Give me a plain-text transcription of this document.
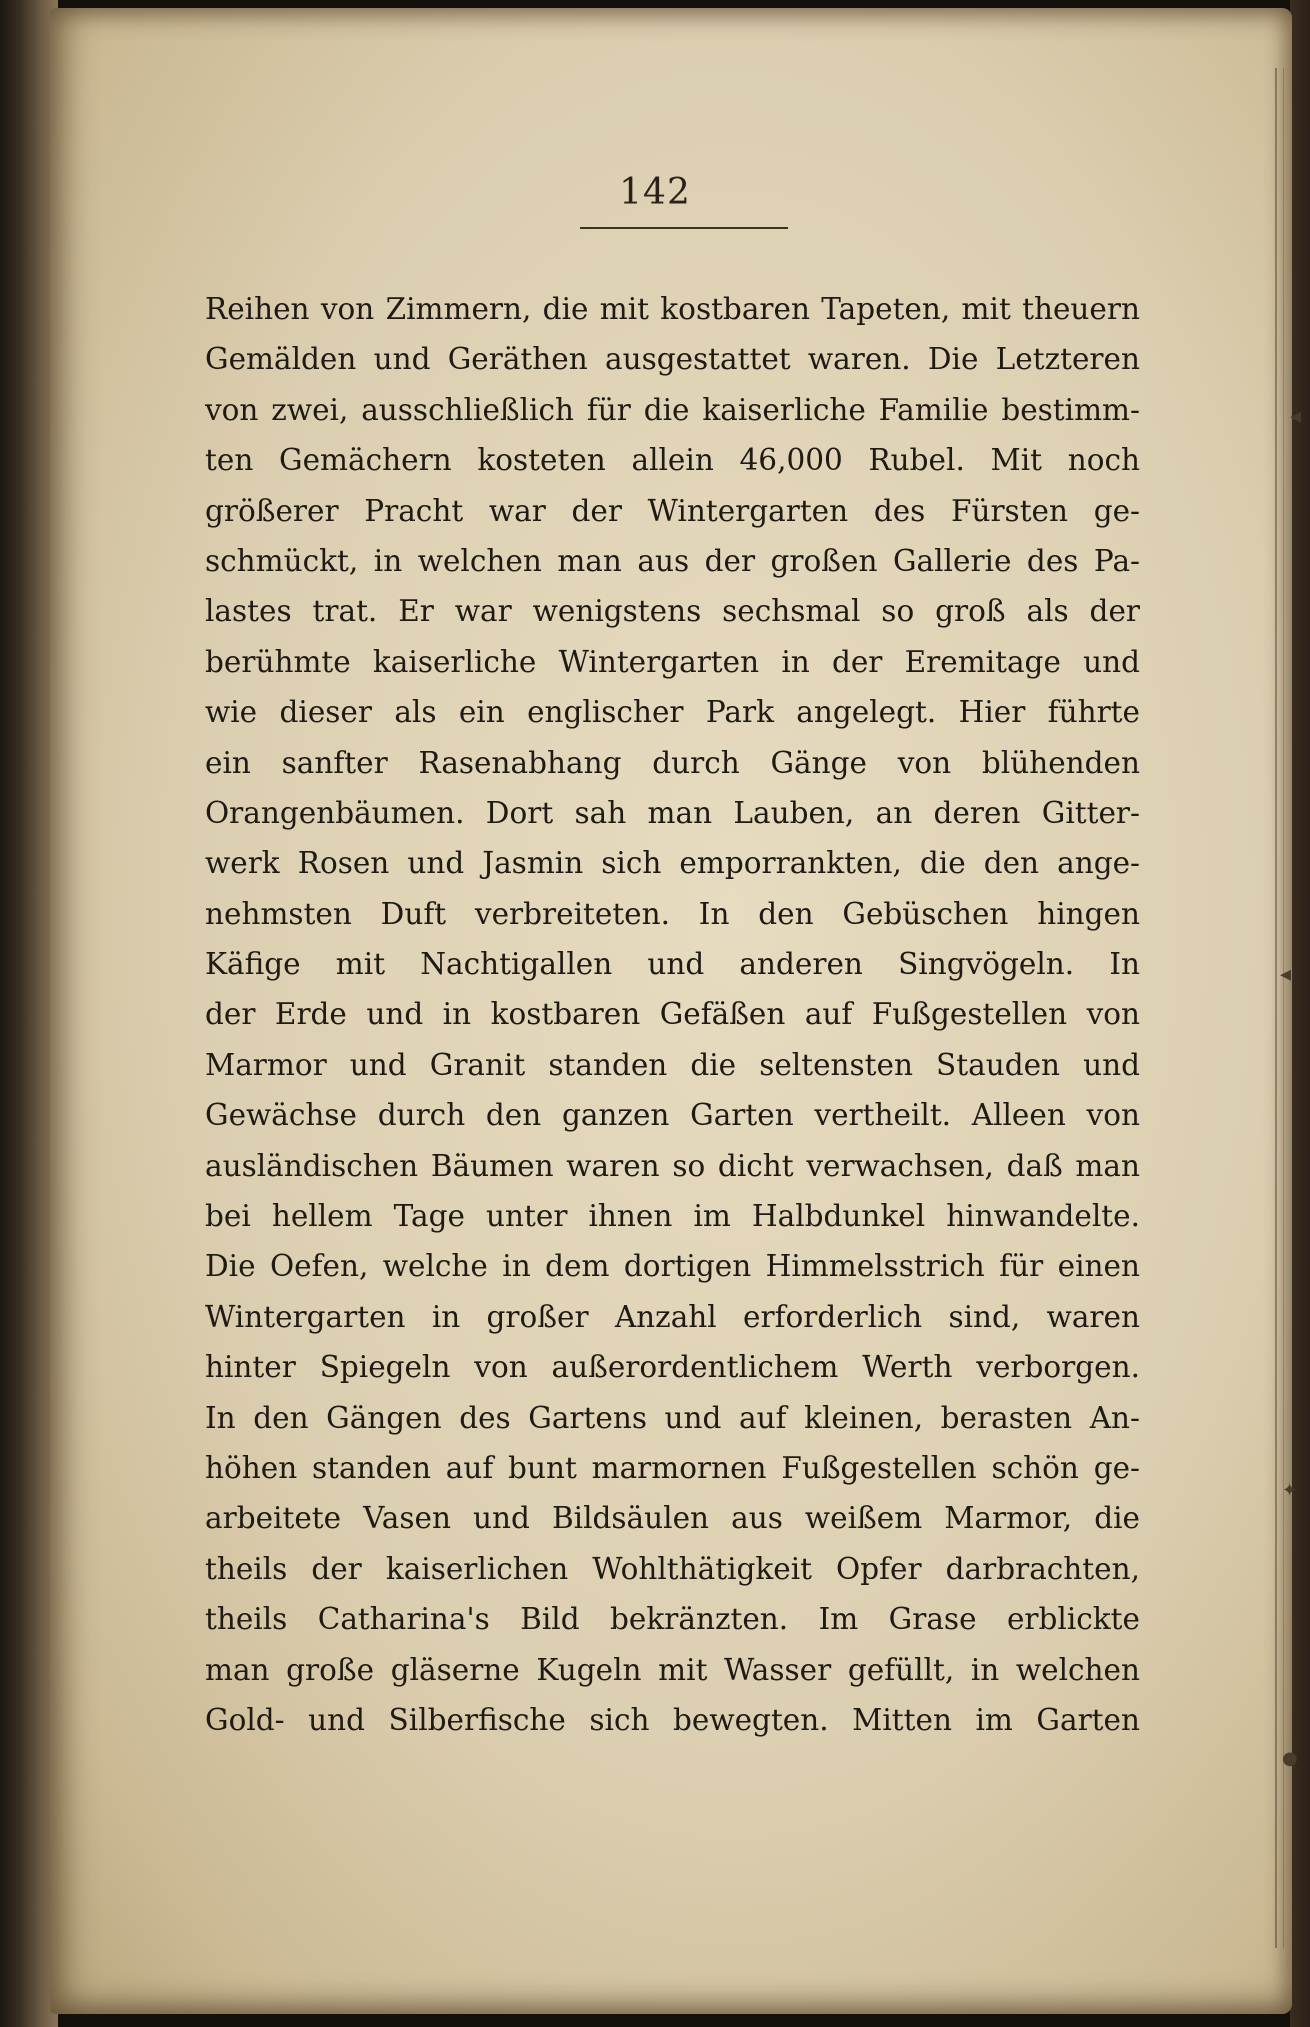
◂
◂
✦
●
142
Reihen von Zimmern, die mit kostbaren Tapeten, mit theuern
Gemälden und Geräthen ausgestattet waren. Die Letzteren
von zwei, ausschließlich für die kaiserliche Familie bestimm-
ten Gemächern kosteten allein 46,000 Rubel. Mit noch
größerer Pracht war der Wintergarten des Fürsten ge-
schmückt, in welchen man aus der großen Gallerie des Pa-
lastes trat. Er war wenigstens sechsmal so groß als der
berühmte kaiserliche Wintergarten in der Eremitage und
wie dieser als ein englischer Park angelegt. Hier führte
ein sanfter Rasenabhang durch Gänge von blühenden
Orangenbäumen. Dort sah man Lauben, an deren Gitter-
werk Rosen und Jasmin sich emporrankten, die den ange-
nehmsten Duft verbreiteten. In den Gebüschen hingen
Käfige mit Nachtigallen und anderen Singvögeln. In
der Erde und in kostbaren Gefäßen auf Fußgestellen von
Marmor und Granit standen die seltensten Stauden und
Gewächse durch den ganzen Garten vertheilt. Alleen von
ausländischen Bäumen waren so dicht verwachsen, daß man
bei hellem Tage unter ihnen im Halbdunkel hinwandelte.
Die Oefen, welche in dem dortigen Himmelsstrich für einen
Wintergarten in großer Anzahl erforderlich sind, waren
hinter Spiegeln von außerordentlichem Werth verborgen.
In den Gängen des Gartens und auf kleinen, berasten An-
höhen standen auf bunt marmornen Fußgestellen schön ge-
arbeitete Vasen und Bildsäulen aus weißem Marmor, die
theils der kaiserlichen Wohlthätigkeit Opfer darbrachten,
theils Catharina's Bild bekränzten. Im Grase erblickte
man große gläserne Kugeln mit Wasser gefüllt, in welchen
Gold- und Silberfische sich bewegten. Mitten im Garten
